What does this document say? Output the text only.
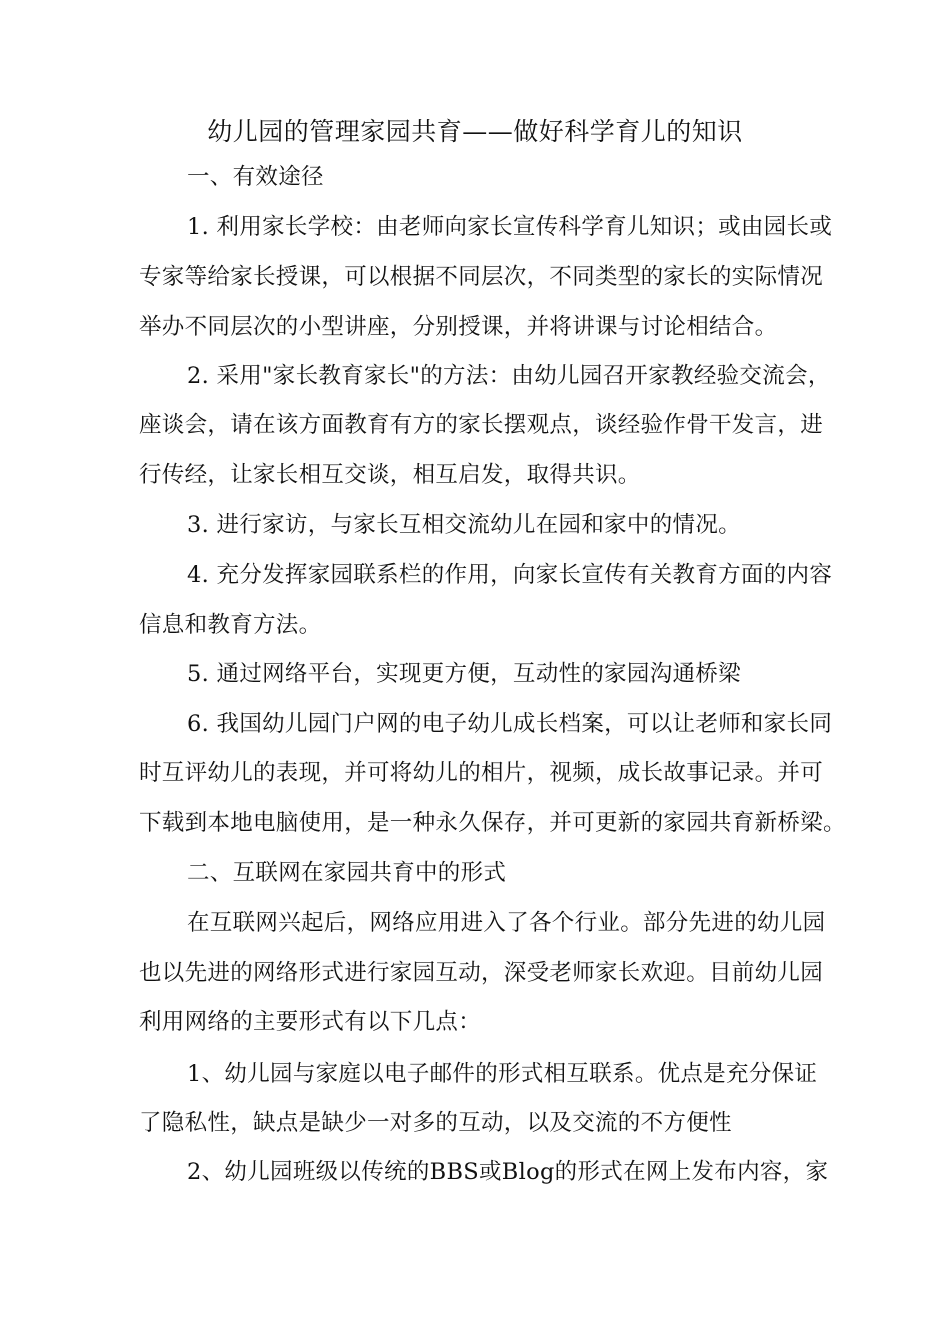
幼儿园的管理家园共育——做好科学育儿的知识
一、有效途径
1. 利用家长学校：由老师向家长宣传科学育儿知识；或由园长或
专家等给家长授课，可以根据不同层次，不同类型的家长的实际情况
举办不同层次的小型讲座，分别授课，并将讲课与讨论相结合。
2. 采用"家长教育家长"的方法：由幼儿园召开家教经验交流会，
座谈会，请在该方面教育有方的家长摆观点，谈经验作骨干发言，进
行传经，让家长相互交谈，相互启发，取得共识。
3. 进行家访，与家长互相交流幼儿在园和家中的情况。
4. 充分发挥家园联系栏的作用，向家长宣传有关教育方面的内容
信息和教育方法。
5. 通过网络平台，实现更方便，互动性的家园沟通桥梁
6. 我国幼儿园门户网的电子幼儿成长档案，可以让老师和家长同
时互评幼儿的表现，并可将幼儿的相片，视频，成长故事记录。并可
下载到本地电脑使用，是一种永久保存，并可更新的家园共育新桥梁。
二、互联网在家园共育中的形式
在互联网兴起后，网络应用进入了各个行业。部分先进的幼儿园
也以先进的网络形式进行家园互动，深受老师家长欢迎。目前幼儿园
利用网络的主要形式有以下几点：
1、幼儿园与家庭以电子邮件的形式相互联系。优点是充分保证
了隐私性，缺点是缺少一对多的互动，以及交流的不方便性
2、幼儿园班级以传统的BBS或Blog的形式在网上发布内容，家
